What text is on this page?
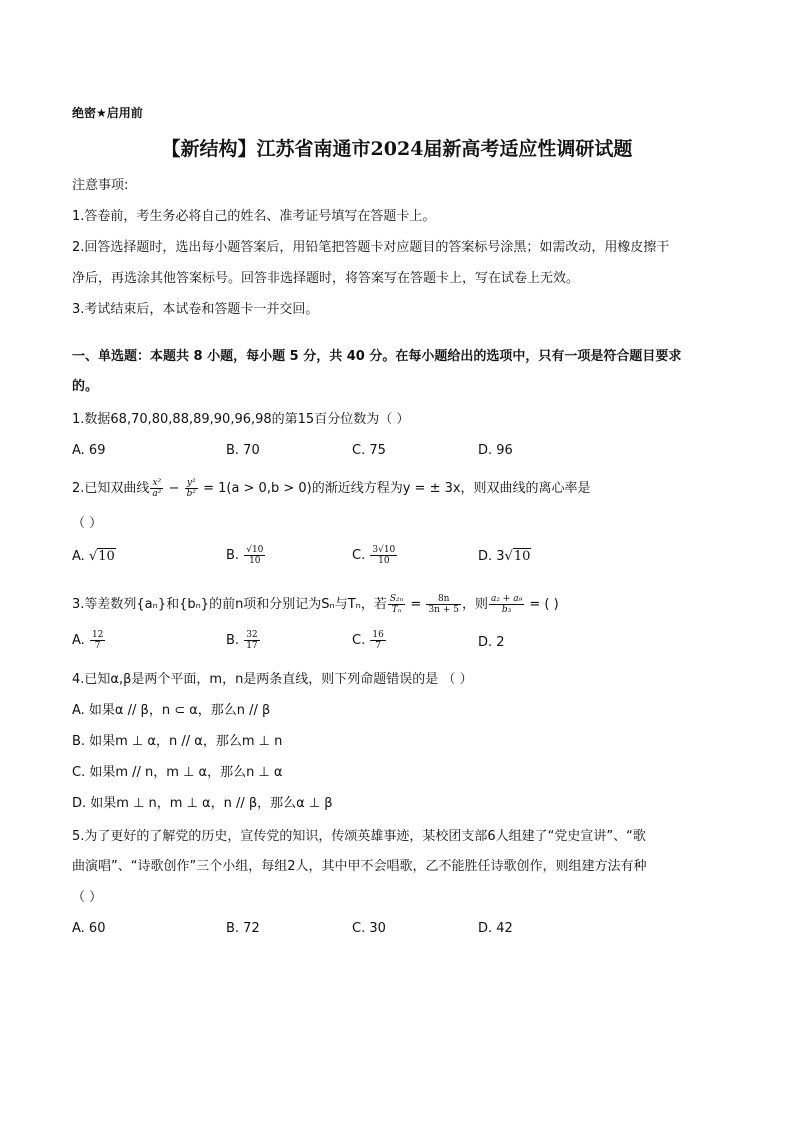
绝密★启用前
【新结构】江苏省南通市2024届新高考适应性调研试题
注意事项:
1.答卷前，考生务必将自己的姓名、准考证号填写在答题卡上。
2.回答选择题时，选出每小题答案后，用铅笔把答题卡对应题目的答案标号涂黑；如需改动，用橡皮擦干
净后，再选涂其他答案标号。回答非选择题时，将答案写在答题卡上，写在试卷上无效。
3.考试结束后，本试卷和答题卡一并交回。
一、单选题：本题共 8 小题，每小题 5 分，共 40 分。在每小题给出的选项中，只有一项是符合题目要求
的。
1.数据68,70,80,88,89,90,96,98的第15百分位数为（ ）
A. 69	B. 70	C. 75	D. 96
2.已知双曲线 $\frac{\text{x²}}{\text{a²}} - \frac{\text{y²}}{\text{b²}} = 1(a > 0,b > 0)$的渐近线方程为y = ± 3x，则双曲线的离心率是
（ ）
A. √10	B. $\frac{√10}{10}$	C. $\frac{3√10}{10}$	D. 3√10
3.等差数列{aₙ}和{bₙ}的前n项和分别记为Sₙ与Tₙ，若 $\frac{\text{S₂ₙ}}{\text{Tₙ}} = \frac{8n}{3n + 5}$ ，则 $\frac{\text{a₂ + a₉}}{\text{b₃}}$ = ( )
A. $\frac{12}{7}$	B. $\frac{32}{17}$	C. $\frac{16}{7}$	D. 2
4.已知α,β是两个平面，m，n是两条直线，则下列命题错误的是 （ ）
A. 如果α // β，n ⊂ α，那么n // β
B. 如果m ⊥ α，n // α，那么m ⊥ n
C. 如果m // n，m ⊥ α，那么n ⊥ α
D. 如果m ⊥ n，m ⊥ α，n // β，那么α ⊥ β
5.为了更好的了解党的历史，宣传党的知识，传颂英雄事迹，某校团支部6人组建了“党史宣讲”、“歌
曲演唱”、“诗歌创作”三个小组，每组2人，其中甲不会唱歌，乙不能胜任诗歌创作，则组建方法有种
（ ）
A. 60	B. 72	C. 30	D. 42
